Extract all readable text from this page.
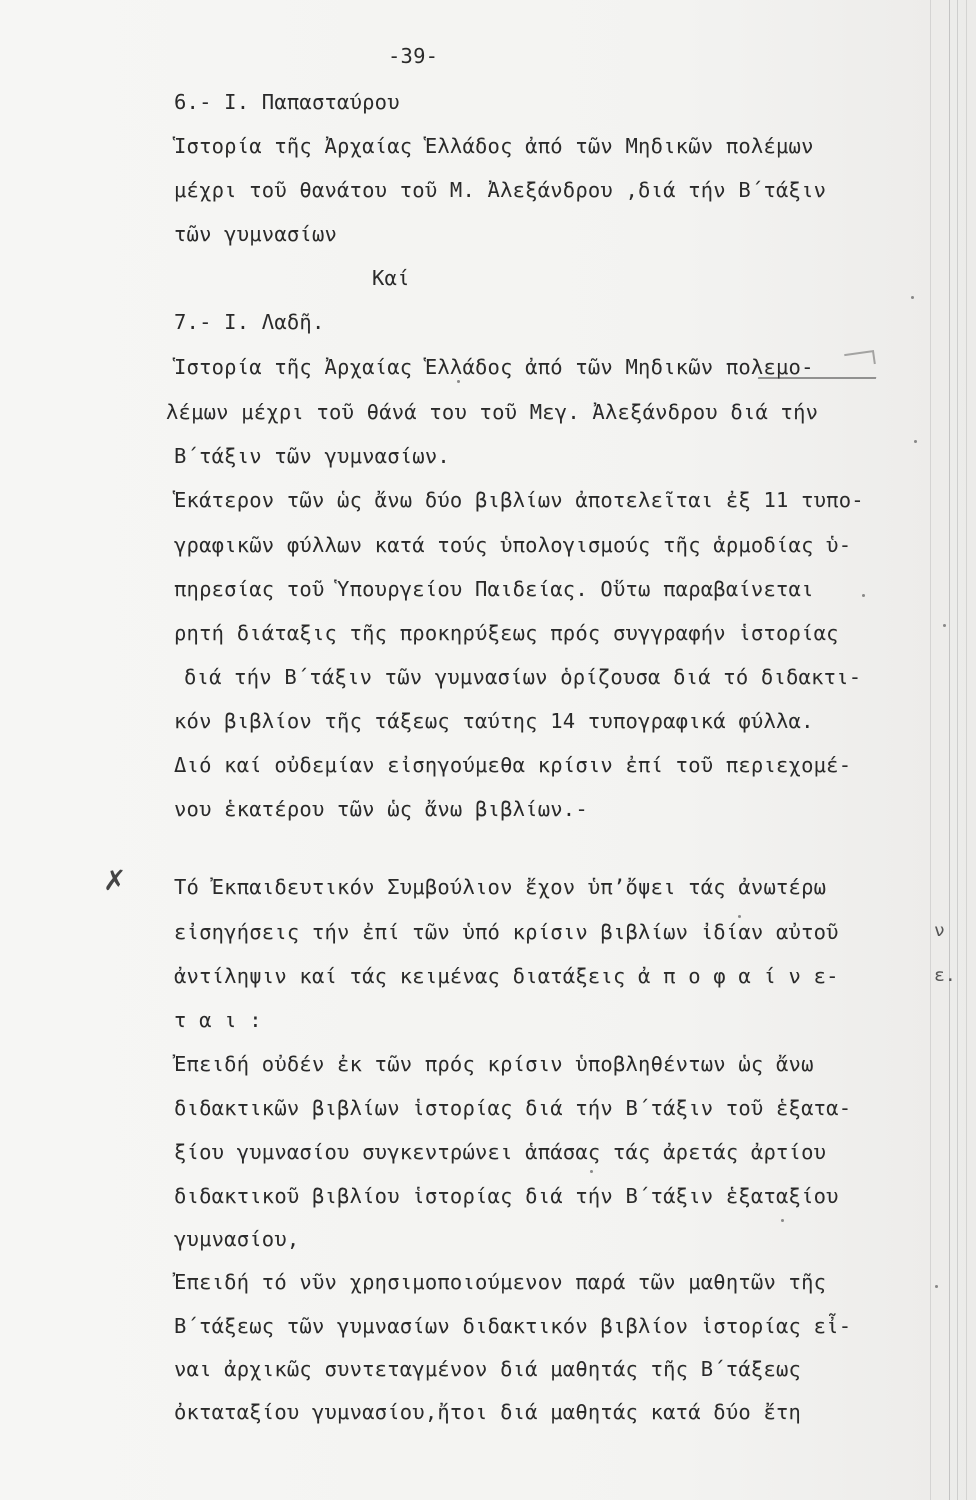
-39-
6.- Ι. Παπασταύρου
Ἱστορία τῆς Ἀρχαίας Ἑλλάδος ἀπό τῶν Μηδικῶν πολέμων
μέχρι τοῦ θανάτου τοῦ Μ. Ἀλεξάνδρου ,διά τήν Β΄τάξιν
τῶν γυμνασίων
Καί
7.- Ι. Λαδῆ.
Ἱστορία τῆς Ἀρχαίας Ἑλλάδος ἀπό τῶν Μηδικῶν πολεμο-
λέμων μέχρι τοῦ θάνά του τοῦ Μεγ. Ἀλεξάνδρου διά τήν
Β΄τάξιν τῶν γυμνασίων.
Ἑκάτερον τῶν ὡς ἄνω δύο βιβλίων ἀποτελεῖται ἐξ 11 τυπο-
γραφικῶν φύλλων κατά τούς ὑπολογισμούς τῆς ἁρμοδίας ὑ-
πηρεσίας τοῦ Ὑπουργείου Παιδείας. Οὕτω παραβαίνεται
ρητή διάταξις τῆς προκηρύξεως πρός συγγραφήν ἱστορίας
διά τήν Β΄τάξιν τῶν γυμνασίων ὁρίζουσα διά τό διδακτι-
κόν βιβλίον τῆς τάξεως ταύτης 14 τυπογραφικά φύλλα.
Διό καί οὐδεμίαν εἰσηγούμεθα κρίσιν ἐπί τοῦ περιεχομέ-
νου ἑκατέρου τῶν ὡς ἄνω βιβλίων.-
✗ Τό Ἐκπαιδευτικόν Συμβούλιον ἔχον ὑπ’ὄψει τάς ἀνωτέρω
εἰσηγήσεις τήν ἐπί τῶν ὑπό κρίσιν βιβλίων ἰδίαν αὐτοῦ
ἀντίληψιν καί τάς κειμένας διατάξεις ἀ π ο φ α ί ν ε-
τ α ι :
Ἐπειδή οὐδέν ἐκ τῶν πρός κρίσιν ὑποβληθέντων ὡς ἄνω
διδακτικῶν βιβλίων ἱστορίας διά τήν Β΄τάξιν τοῦ ἑξατα-
ξίου γυμνασίου συγκεντρώνει ἁπάσας τάς ἀρετάς ἀρτίου
διδακτικοῦ βιβλίου ἱστορίας διά τήν Β΄τάξιν ἑξαταξίου
γυμνασίου,
Ἐπειδή τό νῦν χρησιμοποιούμενον παρά τῶν μαθητῶν τῆς
Β΄τάξεως τῶν γυμνασίων διδακτικόν βιβλίον ἱστορίας εἶ-
ναι ἀρχικῶς συντεταγμένον διά μαθητάς τῆς Β΄τάξεως
ὀκταταξίου γυμνασίου,ἤτοι διά μαθητάς κατά δύο ἔτη
ν
ε.
